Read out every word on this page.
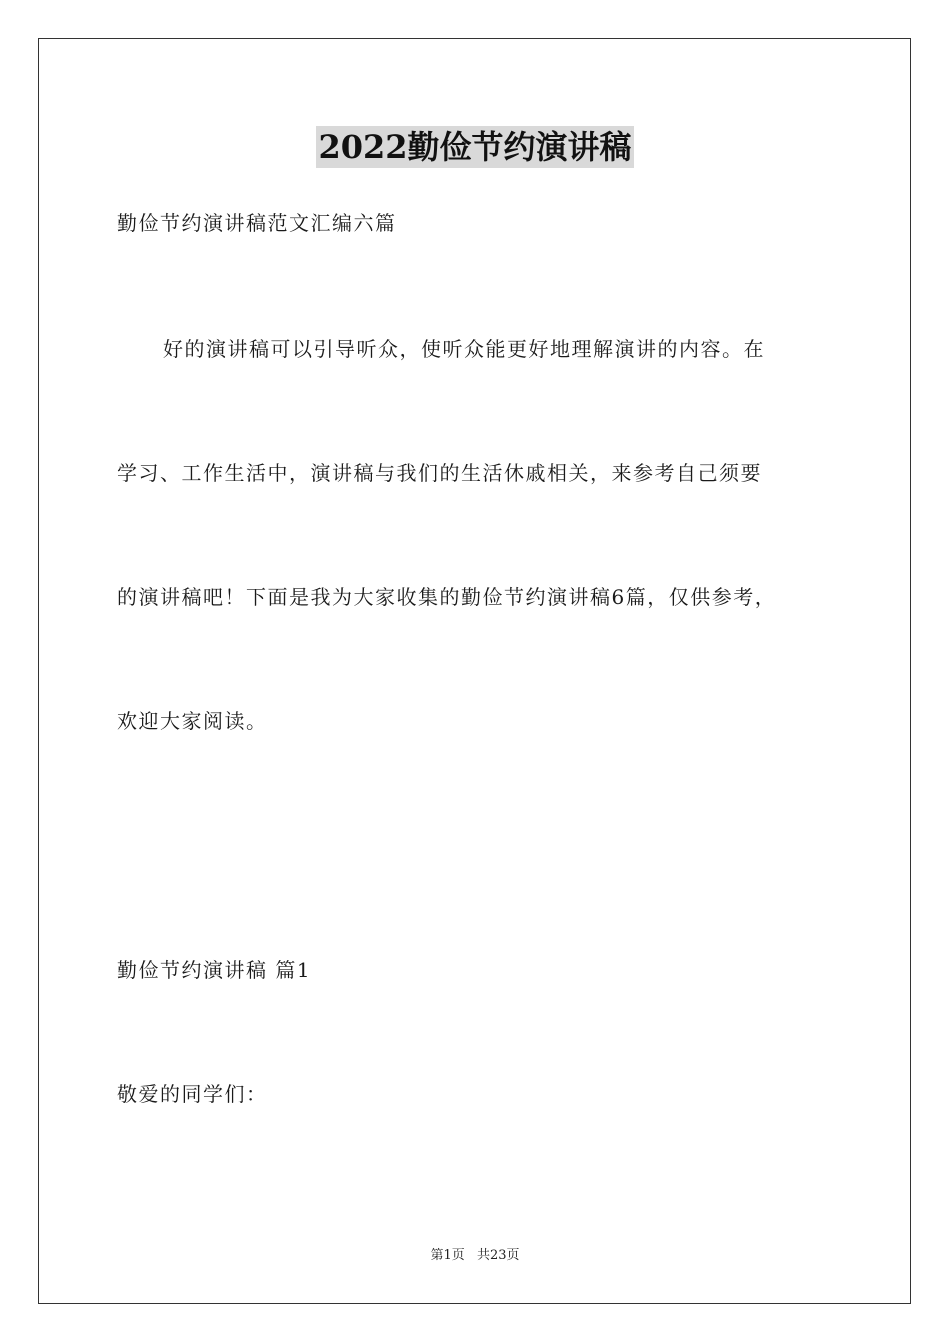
2022勤俭节约演讲稿
勤俭节约演讲稿范文汇编六篇
好的演讲稿可以引导听众，使听众能更好地理解演讲的内容。在
学习、工作生活中，演讲稿与我们的生活休戚相关，来参考自己须要
的演讲稿吧！下面是我为大家收集的勤俭节约演讲稿6篇，仅供参考，
欢迎大家阅读。
勤俭节约演讲稿 篇1
敬爱的同学们：
第1页 共23页
